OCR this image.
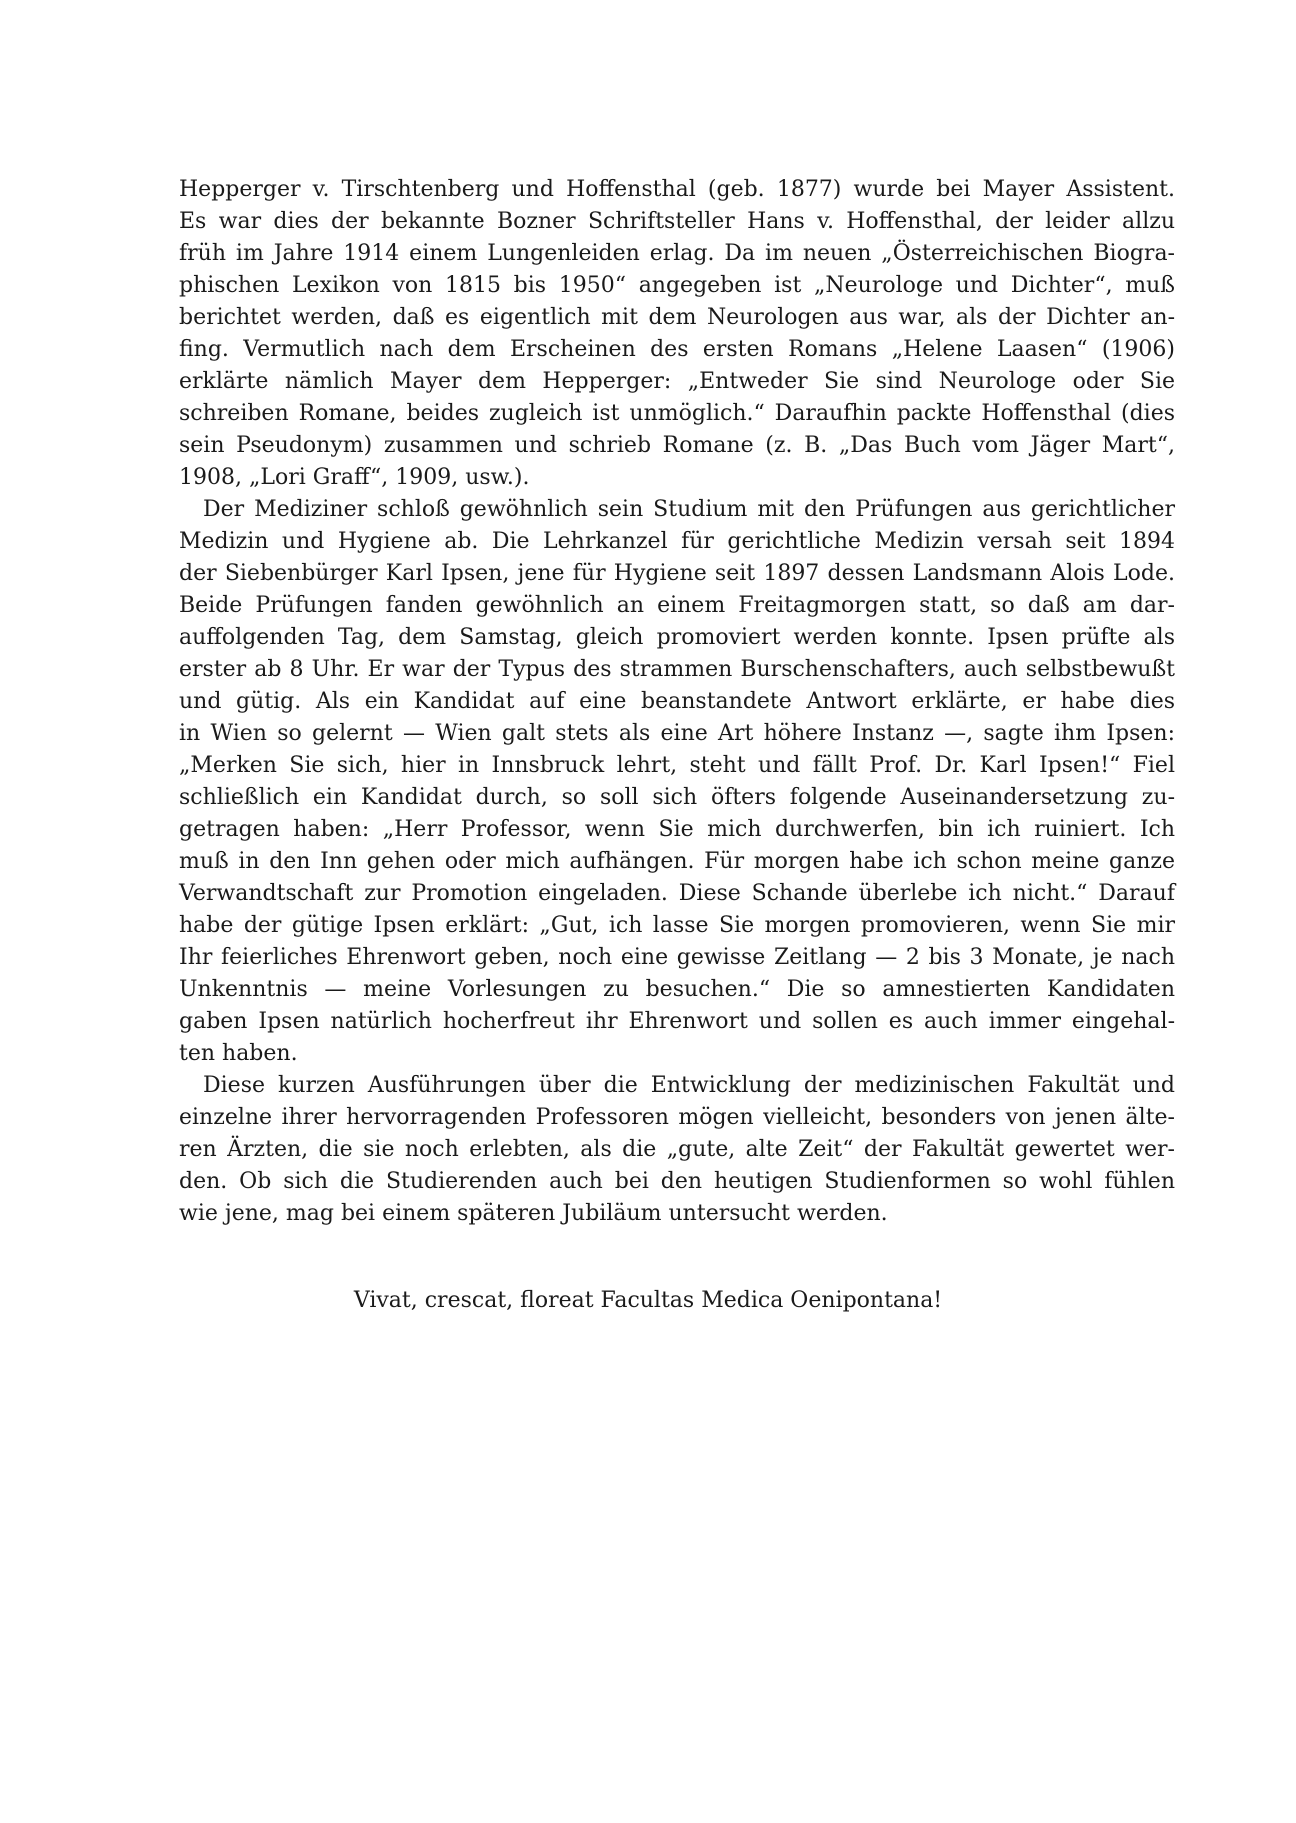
Hepperger v. Tirschtenberg und Hoffensthal (geb. 1877) wurde bei Mayer Assistent.
Es war dies der bekannte Bozner Schriftsteller Hans v. Hoffensthal, der leider allzu
früh im Jahre 1914 einem Lungenleiden erlag. Da im neuen „Österreichischen Biogra-
phischen Lexikon von 1815 bis 1950“ angegeben ist „Neurologe und Dichter“, muß
berichtet werden, daß es eigentlich mit dem Neurologen aus war, als der Dichter an-
fing. Vermutlich nach dem Erscheinen des ersten Romans „Helene Laasen“ (1906)
erklärte nämlich Mayer dem Hepperger: „Entweder Sie sind Neurologe oder Sie
schreiben Romane, beides zugleich ist unmöglich.“ Daraufhin packte Hoffensthal (dies
sein Pseudonym) zusammen und schrieb Romane (z. B. „Das Buch vom Jäger Mart“,
1908, „Lori Graff“, 1909, usw.).

Der Mediziner schloß gewöhnlich sein Studium mit den Prüfungen aus gerichtlicher
Medizin und Hygiene ab. Die Lehrkanzel für gerichtliche Medizin versah seit 1894
der Siebenbürger Karl Ipsen, jene für Hygiene seit 1897 dessen Landsmann Alois Lode.
Beide Prüfungen fanden gewöhnlich an einem Freitagmorgen statt, so daß am dar-
auffolgenden Tag, dem Samstag, gleich promoviert werden konnte. Ipsen prüfte als
erster ab 8 Uhr. Er war der Typus des strammen Burschenschafters, auch selbstbewußt
und gütig. Als ein Kandidat auf eine beanstandete Antwort erklärte, er habe dies
in Wien so gelernt — Wien galt stets als eine Art höhere Instanz —, sagte ihm Ipsen:
„Merken Sie sich, hier in Innsbruck lehrt, steht und fällt Prof. Dr. Karl Ipsen!“ Fiel
schließlich ein Kandidat durch, so soll sich öfters folgende Auseinandersetzung zu-
getragen haben: „Herr Professor, wenn Sie mich durchwerfen, bin ich ruiniert. Ich
muß in den Inn gehen oder mich aufhängen. Für morgen habe ich schon meine ganze
Verwandtschaft zur Promotion eingeladen. Diese Schande überlebe ich nicht.“ Darauf
habe der gütige Ipsen erklärt: „Gut, ich lasse Sie morgen promovieren, wenn Sie mir
Ihr feierliches Ehrenwort geben, noch eine gewisse Zeitlang — 2 bis 3 Monate, je nach
Unkenntnis — meine Vorlesungen zu besuchen.“ Die so amnestierten Kandidaten
gaben Ipsen natürlich hocherfreut ihr Ehrenwort und sollen es auch immer eingehal-
ten haben.

Diese kurzen Ausführungen über die Entwicklung der medizinischen Fakultät und
einzelne ihrer hervorragenden Professoren mögen vielleicht, besonders von jenen älte-
ren Ärzten, die sie noch erlebten, als die „gute, alte Zeit“ der Fakultät gewertet wer-
den. Ob sich die Studierenden auch bei den heutigen Studienformen so wohl fühlen
wie jene, mag bei einem späteren Jubiläum untersucht werden.

Vivat, crescat, floreat Facultas Medica Oenipontana!
